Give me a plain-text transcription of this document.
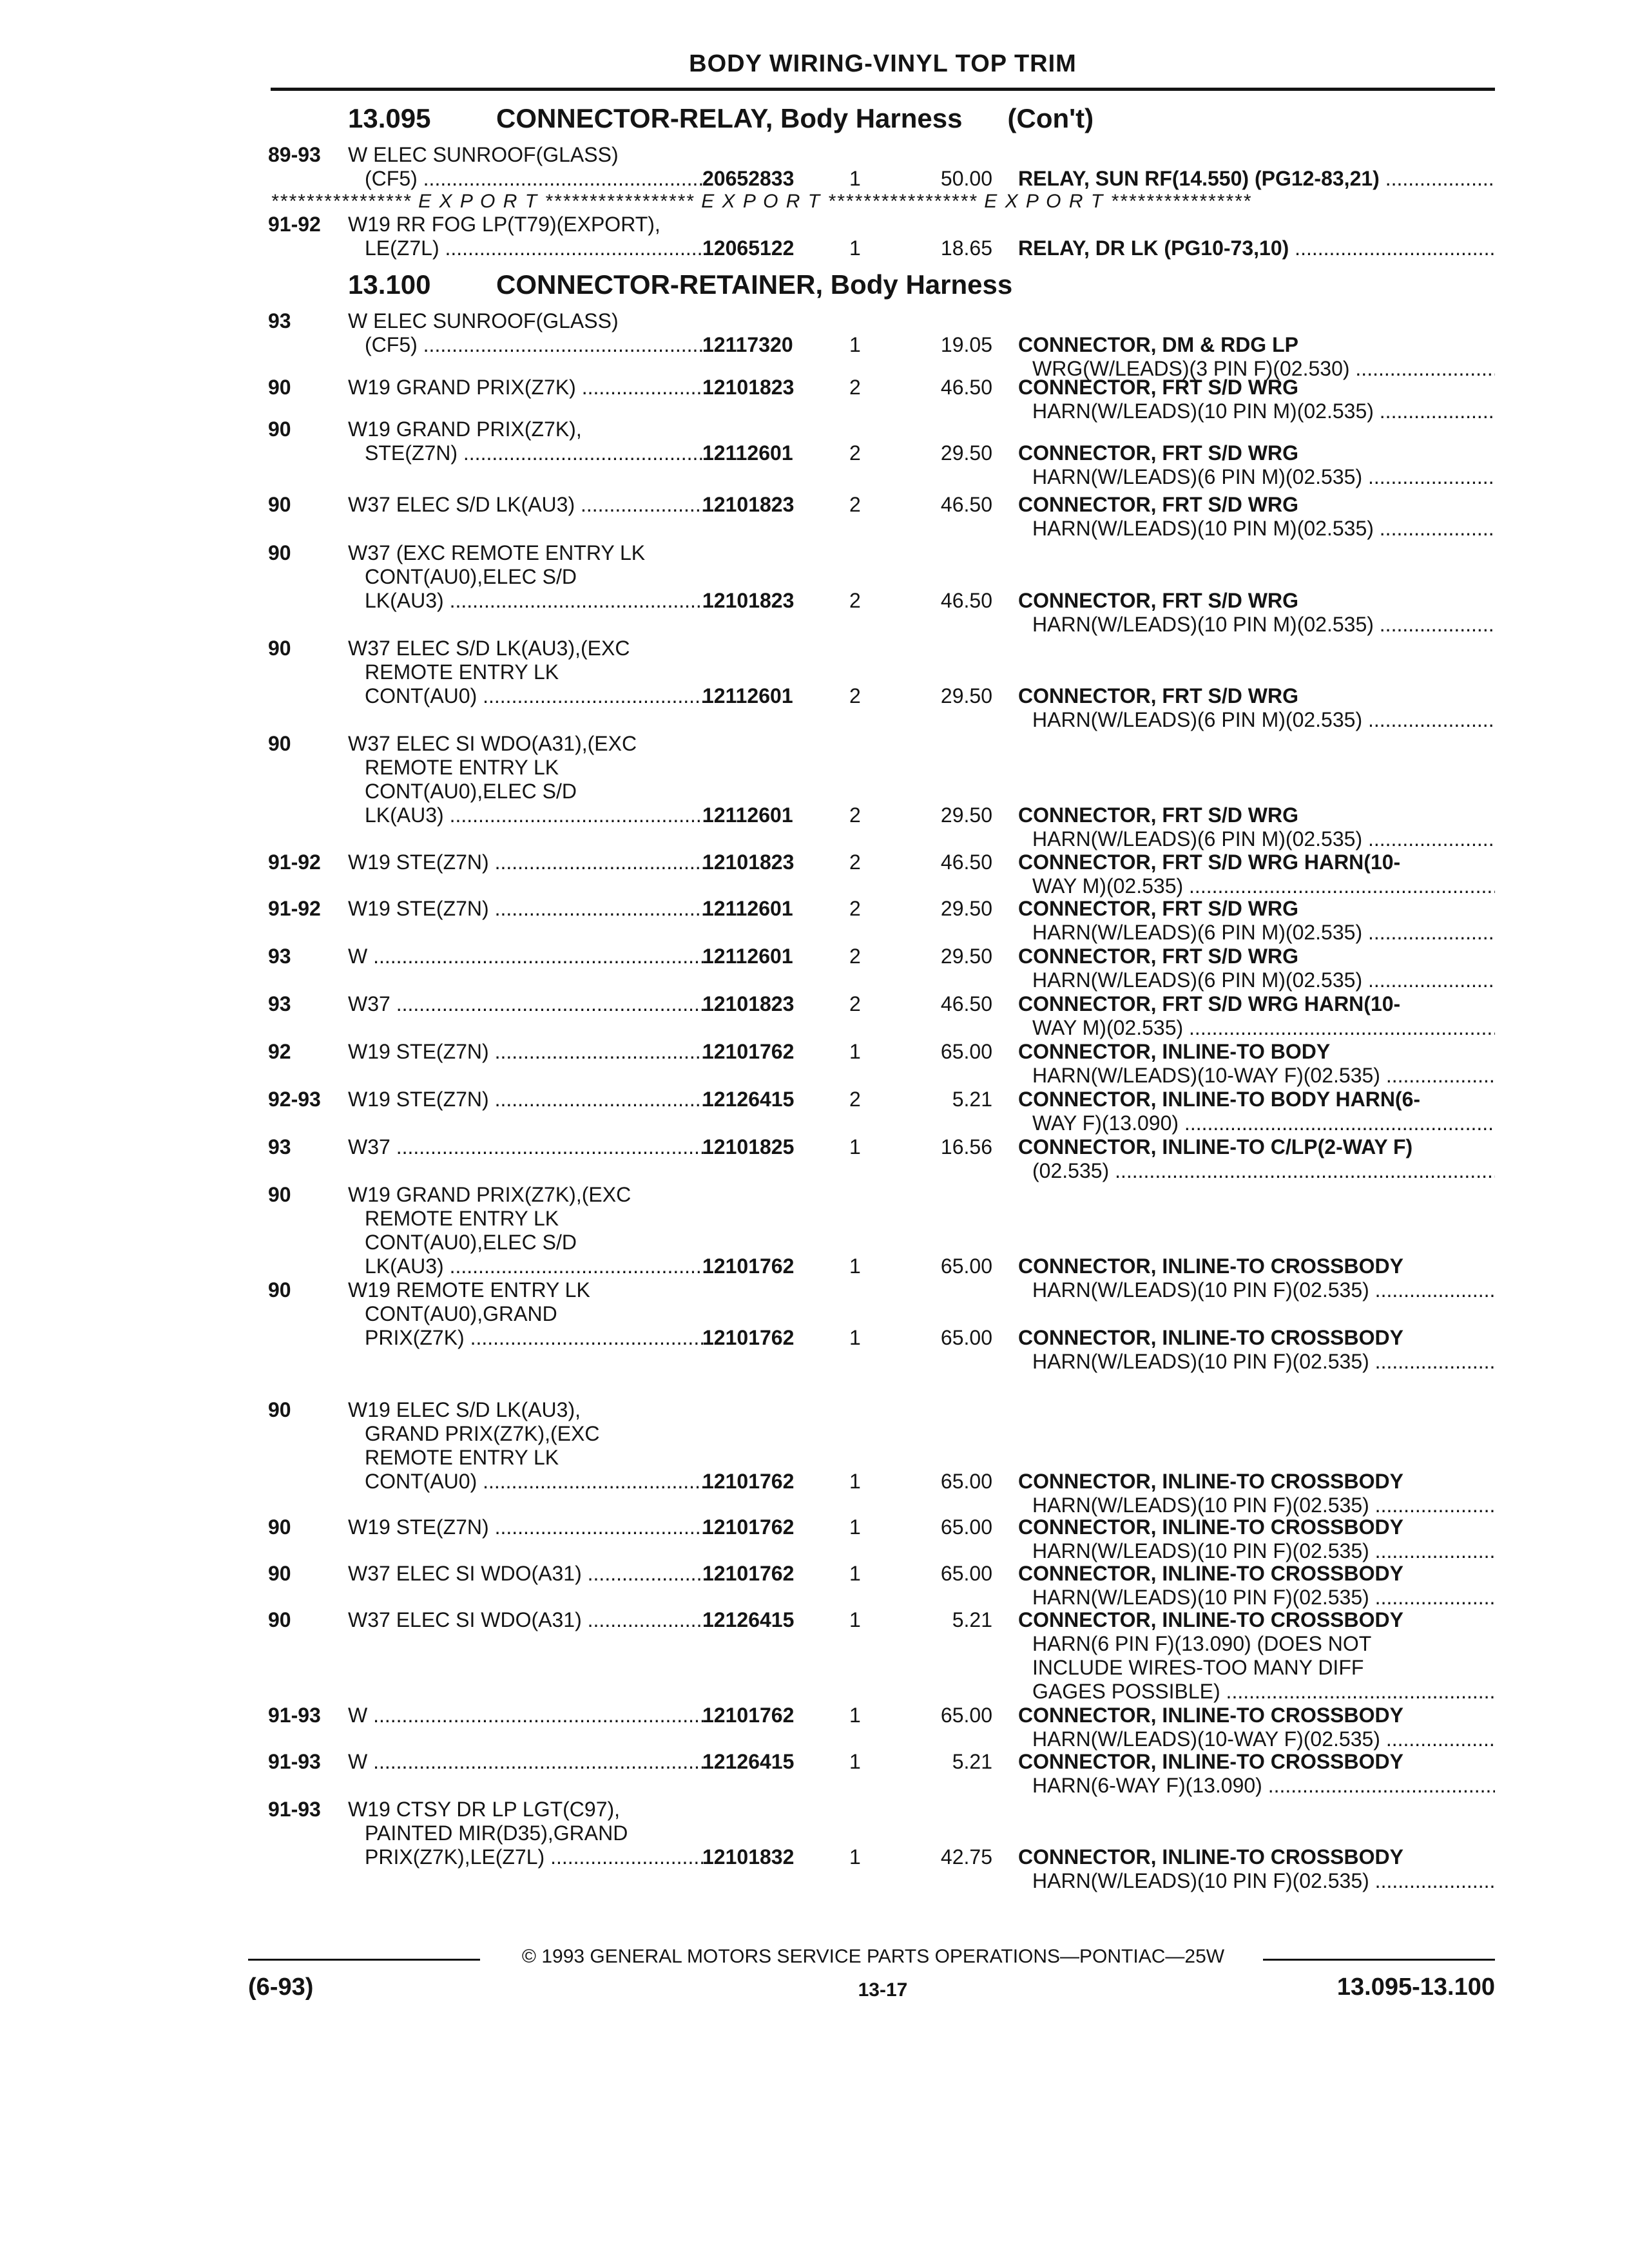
BODY WIRING-VINYL TOP TRIM
13.095 CONNECTOR-RELAY, Body Harness (Con't)
89-93	W ELEC SUNROOF(GLASS)
(CF5) .....	20652833	1	50.00 RELAY, SUN RF(14.550) (PG12-83,21) .....
91-92	W19 RR FOG LP(T79)(EXPORT),
LE(Z7L) .....	12065122	1	18.65 RELAY, DR LK (PG10-73,10) .....
93	W ELEC SUNROOF(GLASS)
(CF5) .....	12117320	1	19.05 CONNECTOR, DM & RDG LP
WRG(W/LEADS)(3 PIN F)(02.530) .....
90	W19 GRAND PRIX(Z7K) .....	12101823	2	46.50 CONNECTOR, FRT S/D WRG
HARN(W/LEADS)(10 PIN M)(02.535) .....
90	W19 GRAND PRIX(Z7K),
STE(Z7N) .....	12112601	2	29.50 CONNECTOR, FRT S/D WRG
HARN(W/LEADS)(6 PIN M)(02.535) .....
90	W37 ELEC S/D LK(AU3) .....	12101823	2	46.50 CONNECTOR, FRT S/D WRG
HARN(W/LEADS)(10 PIN M)(02.535) .....
90	W37 (EXC REMOTE ENTRY LK
CONT(AU0),ELEC S/D
LK(AU3) .....	12101823	2	46.50 CONNECTOR, FRT S/D WRG
HARN(W/LEADS)(10 PIN M)(02.535) .....
90	W37 ELEC S/D LK(AU3),(EXC
REMOTE ENTRY LK
CONT(AU0) .....	12112601	2	29.50 CONNECTOR, FRT S/D WRG
HARN(W/LEADS)(6 PIN M)(02.535) .....
90	W37 ELEC SI WDO(A31),(EXC
REMOTE ENTRY LK
CONT(AU0),ELEC S/D
LK(AU3) .....	12112601	2	29.50 CONNECTOR, FRT S/D WRG
HARN(W/LEADS)(6 PIN M)(02.535) .....
91-92	W19 STE(Z7N) .....	12101823	2	46.50 CONNECTOR, FRT S/D WRG HARN(10-
WAY M)(02.535) .....
91-92	W19 STE(Z7N) .....	12112601	2	29.50 CONNECTOR, FRT S/D WRG
HARN(W/LEADS)(6 PIN M)(02.535) .....
93	W .....	12112601	2	29.50 CONNECTOR, FRT S/D WRG
HARN(W/LEADS)(6 PIN M)(02.535) .....
93	W37 .....	12101823	2	46.50 CONNECTOR, FRT S/D WRG HARN(10-
WAY M)(02.535) .....
92	W19 STE(Z7N) .....	12101762	1	65.00 CONNECTOR, INLINE-TO BODY
HARN(W/LEADS)(10-WAY F)(02.535) .....
92-93	W19 STE(Z7N) .....	12126415	2	5.21 CONNECTOR, INLINE-TO BODY HARN(6-
WAY F)(13.090) .....
93	W37 .....	12101825	1	16.56 CONNECTOR, INLINE-TO C/LP(2-WAY F)
(02.535) .....
90	W19 GRAND PRIX(Z7K),(EXC
REMOTE ENTRY LK
CONT(AU0),ELEC S/D
LK(AU3) .....	12101762	1	65.00 CONNECTOR, INLINE-TO CROSSBODY
HARN(W/LEADS)(10 PIN F)(02.535) .....
90	W19 REMOTE ENTRY LK
CONT(AU0),GRAND
PRIX(Z7K) .....	12101762	1	65.00 CONNECTOR, INLINE-TO CROSSBODY
HARN(W/LEADS)(10 PIN F)(02.535) .....
90	W19 ELEC S/D LK(AU3),
GRAND PRIX(Z7K),(EXC
REMOTE ENTRY LK
CONT(AU0) .....	12101762	1	65.00 CONNECTOR, INLINE-TO CROSSBODY
HARN(W/LEADS)(10 PIN F)(02.535) .....
90	W19 STE(Z7N) .....	12101762	1	65.00 CONNECTOR, INLINE-TO CROSSBODY
HARN(W/LEADS)(10 PIN F)(02.535) .....
90	W37 ELEC SI WDO(A31) .....	12101762	1	65.00 CONNECTOR, INLINE-TO CROSSBODY
HARN(W/LEADS)(10 PIN F)(02.535) .....
90	W37 ELEC SI WDO(A31) .....	12126415	1	5.21 CONNECTOR, INLINE-TO CROSSBODY
HARN(6 PIN F)(13.090) (DOES NOT
INCLUDE WIRES-TOO MANY DIFF
GAGES POSSIBLE) .....
91-93	W .....	12101762	1	65.00 CONNECTOR, INLINE-TO CROSSBODY
HARN(W/LEADS)(10-WAY F)(02.535) .....
91-93	W .....	12126415	1	5.21 CONNECTOR, INLINE-TO CROSSBODY
HARN(6-WAY F)(13.090) .....
91-93	W19 CTSY DR LP LGT(C97),
PAINTED MIR(D35),GRAND
PRIX(Z7K),LE(Z7L) .....	12101832	1	42.75 CONNECTOR, INLINE-TO CROSSBODY
HARN(W/LEADS)(10 PIN F)(02.535) .....
**************** E X P O R T ***************** E X P O R T ***************** E X P O R T ****************
13.100 CONNECTOR-RETAINER, Body Harness
© 1993 GENERAL MOTORS SERVICE PARTS OPERATIONS—PONTIAC—25W
(6-93)	13-17	13.095-13.100
